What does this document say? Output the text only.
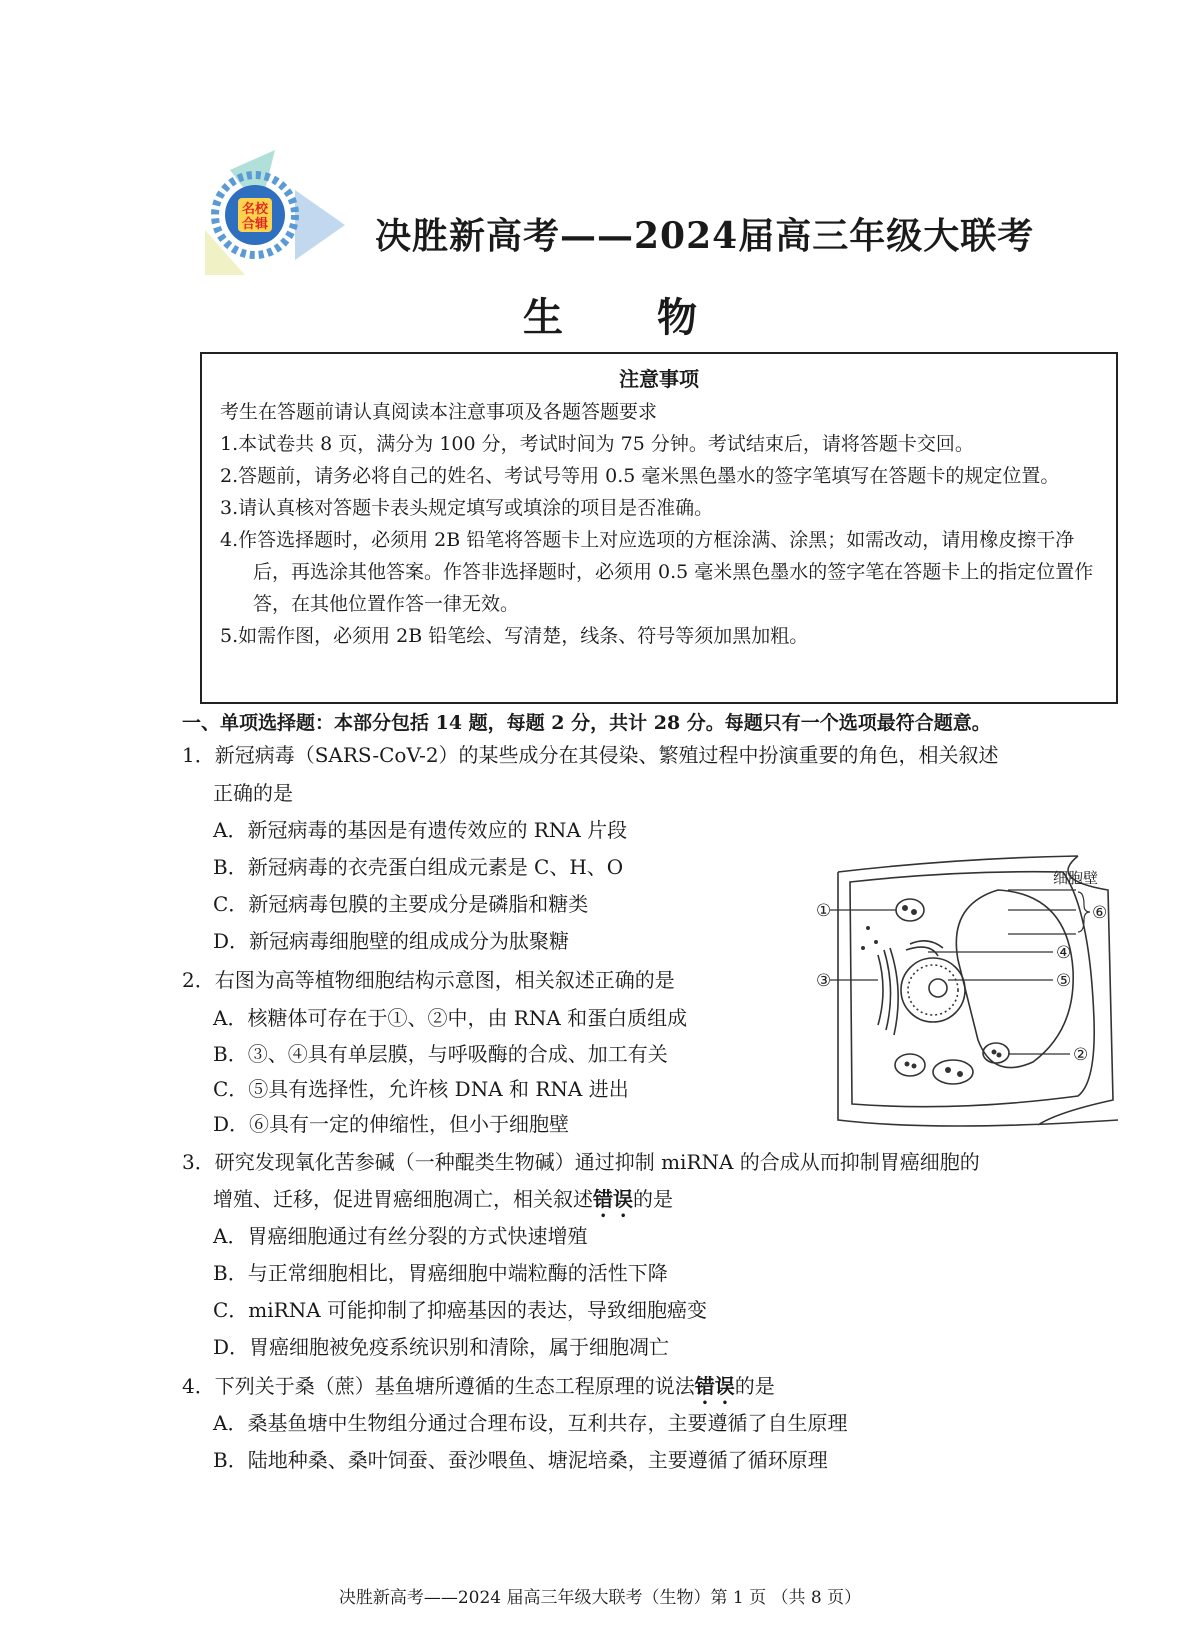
名校
合辑	决胜新高考——2024届高三年级大联考
生 物
注意事项
考生在答题前请认真阅读本注意事项及各题答题要求
1.本试卷共 8 页，满分为 100 分，考试时间为 75 分钟。考试结束后，请将答题卡交回。
2.答题前，请务必将自己的姓名、考试号等用 0.5 毫米黑色墨水的签字笔填写在答题卡的规定位置。
3.请认真核对答题卡表头规定填写或填涂的项目是否准确。
4.作答选择题时，必须用 2B 铅笔将答题卡上对应选项的方框涂满、涂黑；如需改动，请用橡皮擦干净后，再选涂其他答案。作答非选择题时，必须用 0.5 毫米黑色墨水的签字笔在答题卡上的指定位置作答，在其他位置作答一律无效。
5.如需作图，必须用 2B 铅笔绘、写清楚，线条、符号等须加黑加粗。
一、单项选择题：本部分包括 14 题，每题 2 分，共计 28 分。每题只有一个选项最符合题意。
1．新冠病毒（SARS-CoV-2）的某些成分在其侵染、繁殖过程中扮演重要的角色，相关叙述
正确的是
A．新冠病毒的基因是有遗传效应的 RNA 片段
B．新冠病毒的衣壳蛋白组成元素是 C、H、O
C．新冠病毒包膜的主要成分是磷脂和糖类
D．新冠病毒细胞壁的组成成分为肽聚糖
2．右图为高等植物细胞结构示意图，相关叙述正确的是
A．核糖体可存在于①、②中，由 RNA 和蛋白质组成
B．③、④具有单层膜，与呼吸酶的合成、加工有关
C．⑤具有选择性，允许核 DNA 和 RNA 进出
D．⑥具有一定的伸缩性，但小于细胞壁
细胞壁
①
②
③
④
⑤
⑥
3．研究发现氧化苦参碱（一种醌类生物碱）通过抑制 miRNA 的合成从而抑制胃癌细胞的
增殖、迁移，促进胃癌细胞凋亡，相关叙述错误的是
A．胃癌细胞通过有丝分裂的方式快速增殖
B．与正常细胞相比，胃癌细胞中端粒酶的活性下降
C．miRNA 可能抑制了抑癌基因的表达，导致细胞癌变
D．胃癌细胞被免疫系统识别和清除，属于细胞凋亡
4．下列关于桑（蔗）基鱼塘所遵循的生态工程原理的说法错误的是
A．桑基鱼塘中生物组分通过合理布设，互利共存，主要遵循了自生原理
B．陆地种桑、桑叶饲蚕、蚕沙喂鱼、塘泥培桑，主要遵循了循环原理
决胜新高考——2024 届高三年级大联考（生物）第 1 页 （共 8 页）
